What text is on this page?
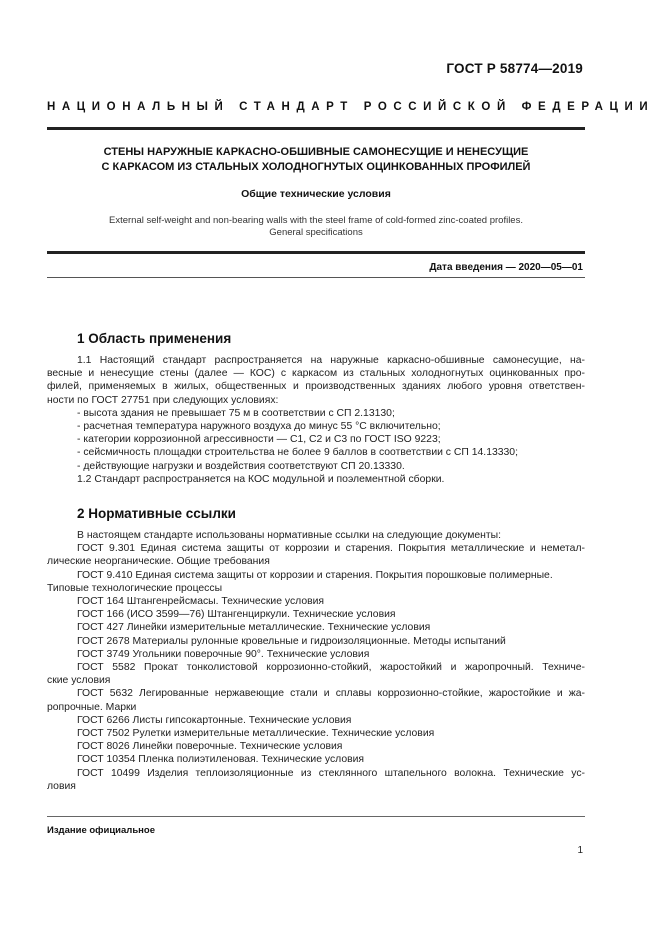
ГОСТ Р 58774—2019
НАЦИОНАЛЬНЫЙ СТАНДАРТ РОССИЙСКОЙ ФЕДЕРАЦИИ
СТЕНЫ НАРУЖНЫЕ КАРКАСНО-ОБШИВНЫЕ САМОНЕСУЩИЕ И НЕНЕСУЩИЕ
С КАРКАСОМ ИЗ СТАЛЬНЫХ ХОЛОДНОГНУТЫХ ОЦИНКОВАННЫХ ПРОФИЛЕЙ
Общие технические условия
External self-weight and non-bearing walls with the steel frame of cold-formed zinc-coated profiles.
General specifications
Дата введения — 2020—05—01
1 Область применения

1.1 Настоящий стандарт распространяется на наружные каркасно-обшивные самонесущие, на-

весные и ненесущие стены (далее — КОС) с каркасом из стальных холодногнутых оцинкованных про-

филей, применяемых в жилых, общественных и производственных зданиях любого уровня ответствен-

ности по ГОСТ 27751 при следующих условиях:

- высота здания не превышает 75 м в соответствии с СП 2.13130;

- расчетная температура наружного воздуха до минус 55 °С включительно;

- категории коррозионной агрессивности — С1, С2 и С3 по ГОСТ ISO 9223;

- сейсмичность площадки строительства не более 9 баллов в соответствии с СП 14.13330;

- действующие нагрузки и воздействия соответствуют СП 20.13330.

1.2 Стандарт распространяется на КОС модульной и поэлементной сборки.

2 Нормативные ссылки

В настоящем стандарте использованы нормативные ссылки на следующие документы:

ГОСТ 9.301 Единая система защиты от коррозии и старения. Покрытия металлические и неметал-

лические неорганические. Общие требования

ГОСТ 9.410 Единая система защиты от коррозии и старения. Покрытия порошковые полимерные.

Типовые технологические процессы

ГОСТ 164 Штангенрейсмасы. Технические условия

ГОСТ 166 (ИСО 3599—76) Штангенциркули. Технические условия

ГОСТ 427 Линейки измерительные металлические. Технические условия

ГОСТ 2678 Материалы рулонные кровельные и гидроизоляционные. Методы испытаний

ГОСТ 3749 Угольники поверочные 90°. Технические условия

ГОСТ 5582 Прокат тонколистовой коррозионно-стойкий, жаростойкий и жаропрочный. Техниче-

ские условия

ГОСТ 5632 Легированные нержавеющие стали и сплавы коррозионно-стойкие, жаростойкие и жа-

ропрочные. Марки

ГОСТ 6266 Листы гипсокартонные. Технические условия

ГОСТ 7502 Рулетки измерительные металлические. Технические условия

ГОСТ 8026 Линейки поверочные. Технические условия

ГОСТ 10354 Пленка полиэтиленовая. Технические условия

ГОСТ 10499 Изделия теплоизоляционные из стеклянного штапельного волокна. Технические ус-

ловия

Издание официальное
1
